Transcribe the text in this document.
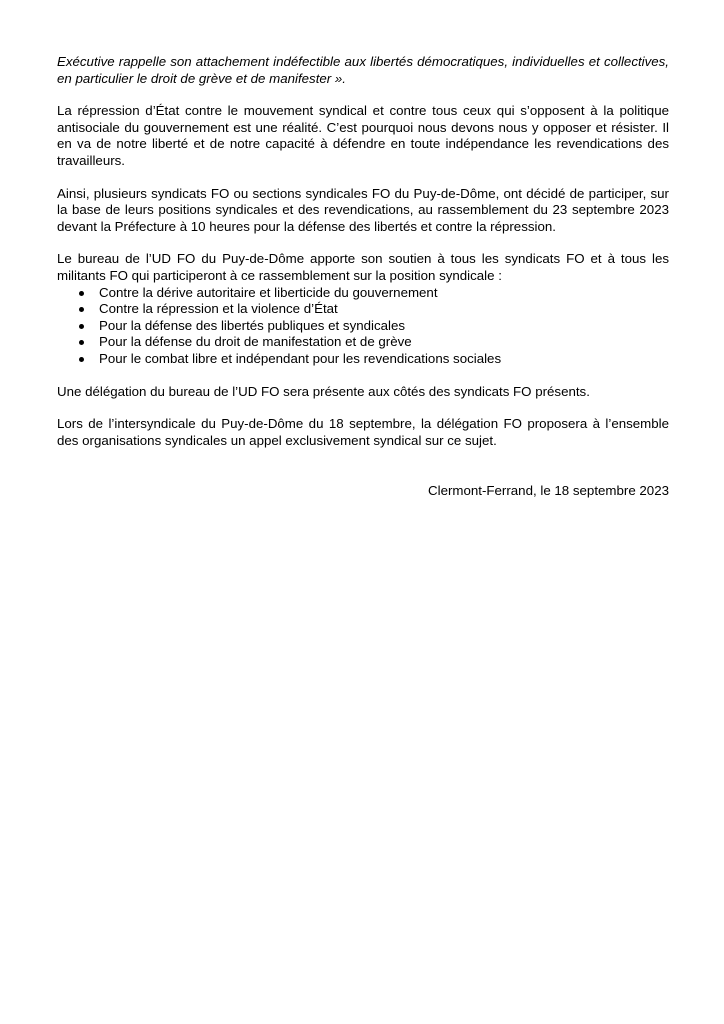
Exécutive rappelle son attachement indéfectible aux libertés démocratiques, individuelles et collectives, en particulier le droit de grève et de manifester ».

La répression d’État contre le mouvement syndical et contre tous ceux qui s’opposent à la politique antisociale du gouvernement est une réalité. C’est pourquoi nous devons nous y opposer et résister. Il en va de notre liberté et de notre capacité à défendre en toute indépendance les revendications des travailleurs.

Ainsi, plusieurs syndicats FO ou sections syndicales FO du Puy-de-Dôme, ont décidé de participer, sur la base de leurs positions syndicales et des revendications, au rassemblement du 23 septembre 2023 devant la Préfecture à 10 heures pour la défense des libertés et contre la répression.

Le bureau de l’UD FO du Puy-de-Dôme apporte son soutien à tous les syndicats FO et à tous les militants FO qui participeront à ce rassemblement sur la position syndicale :

Contre la dérive autoritaire et liberticide du gouvernement
Contre la répression et la violence d’État
Pour la défense des libertés publiques et syndicales
Pour la défense du droit de manifestation et de grève
Pour le combat libre et indépendant pour les revendications sociales

Une délégation du bureau de l’UD FO sera présente aux côtés des syndicats FO présents.

Lors de l’intersyndicale du Puy-de-Dôme du 18 septembre, la délégation FO proposera à l’ensemble des organisations syndicales un appel exclusivement syndical sur ce sujet.

Clermont-Ferrand, le 18 septembre 2023
